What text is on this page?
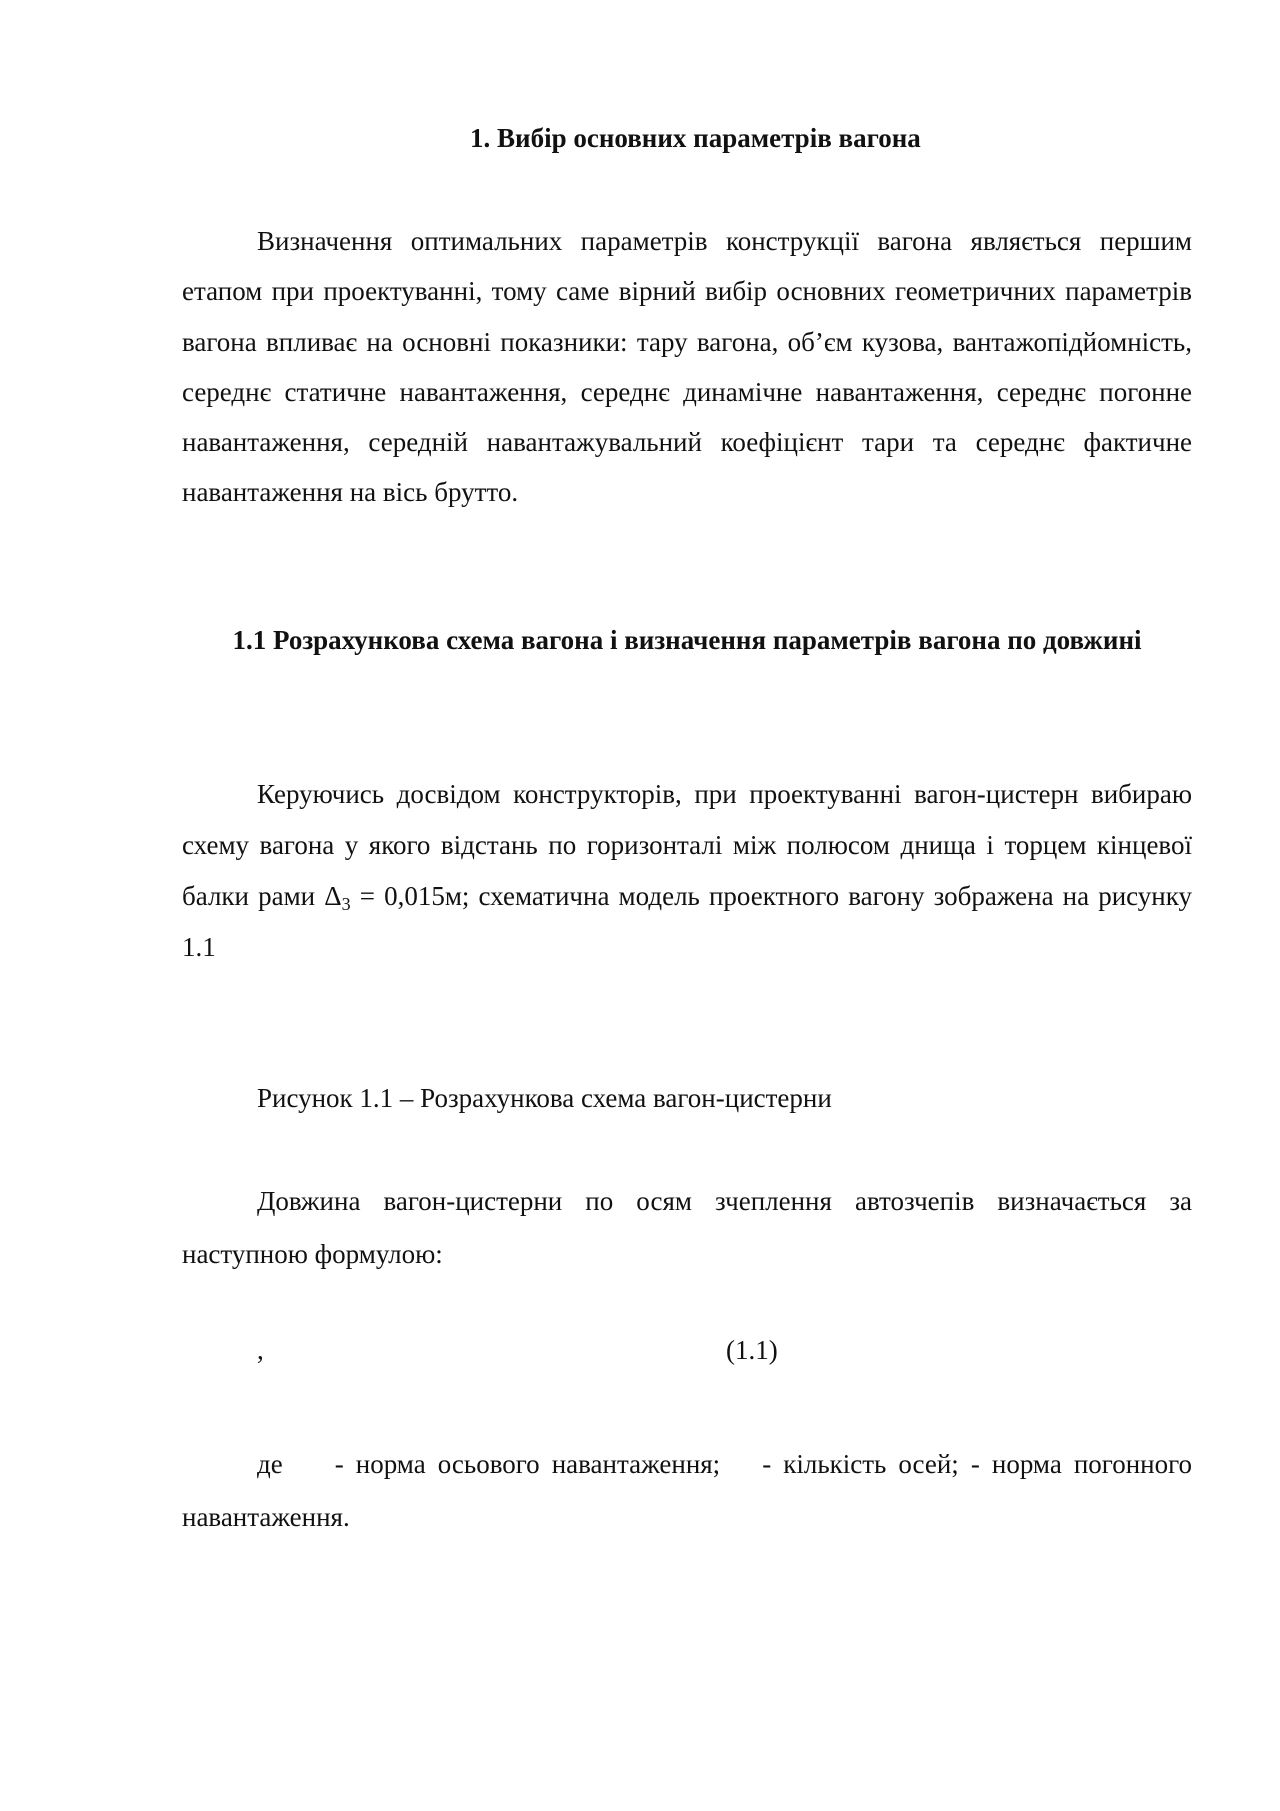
1. Вибір основних параметрів вагона

Визначення оптимальних параметрів конструкції вагона являється першим етапом при проектуванні, тому саме вірний вибір основних геометричних параметрів вагона впливає на основні показники: тару вагона, об’єм кузова, вантажопідйомність, середнє статичне навантаження, середнє динамічне навантаження, середнє погонне навантаження, середній навантажувальний коефіцієнт тари та середнє фактичне навантаження на вісь брутто.

1.1 Розрахункова схема вагона і визначення параметрів вагона по довжині

Керуючись досвідом конструкторів, при проектуванні вагон-цистерн вибираю схему вагона у якого відстань по горизонталі між полюсом днища і торцем кінцевої балки рами $\Delta_3 = 0,015м$; схематична модель проектного вагону зображена на рисунку 1.1

Рисунок 1.1 – Розрахункова схема вагон-цистерни

Довжина вагон-цистерни по осям зчеплення автозчепів визначається за наступною формулою:

,	(1.1)

де - норма осьового навантаження; - кількість осей; - норма погонного навантаження.
